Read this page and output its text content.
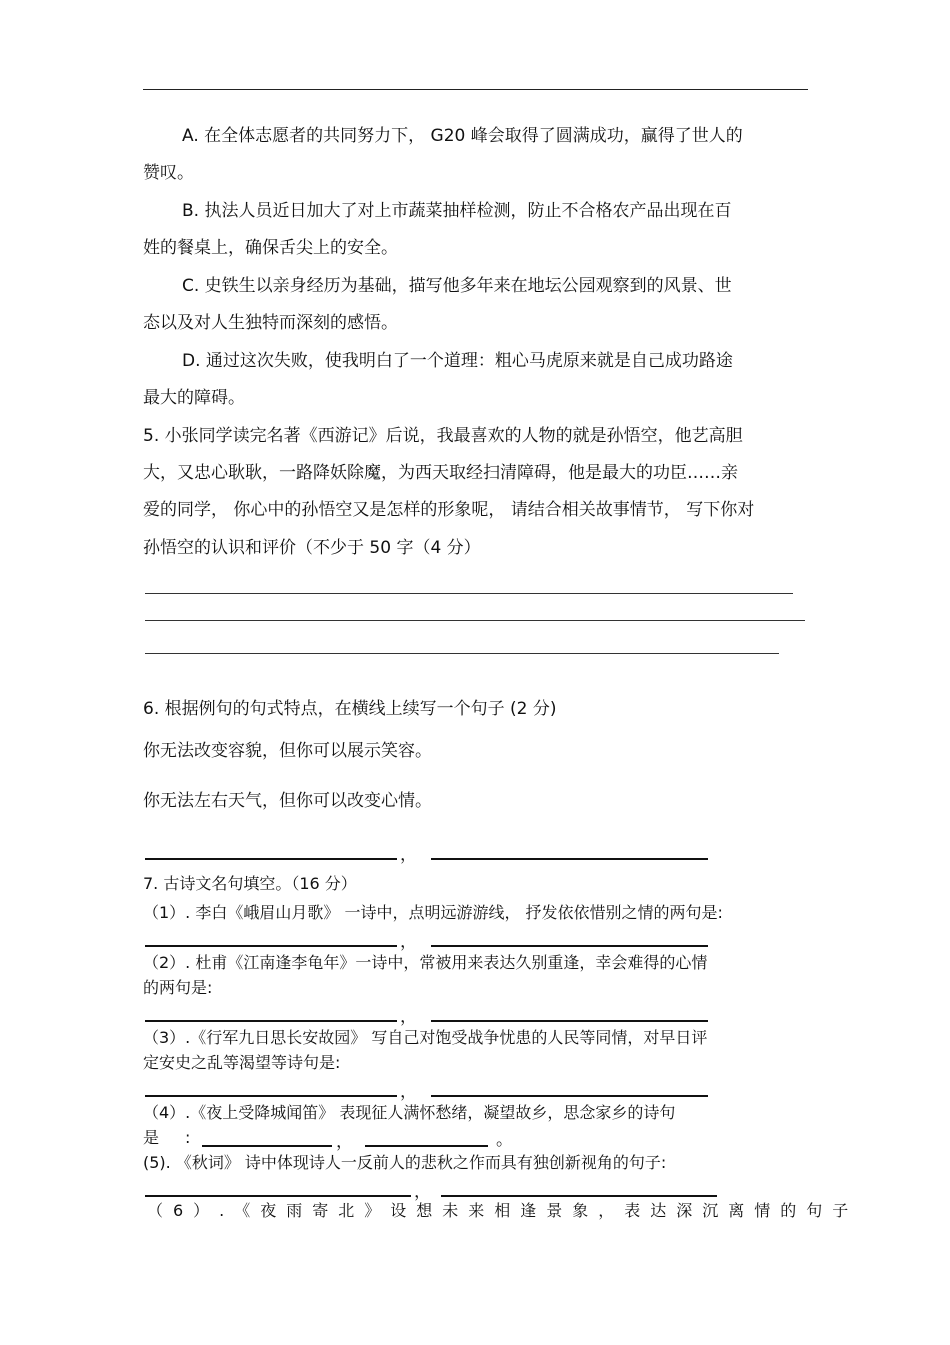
A. 在全体志愿者的共同努力下， G20 峰会取得了圆满成功，赢得了世人的
赞叹。
B. 执法人员近日加大了对上市蔬菜抽样检测，防止不合格农产品出现在百
姓的餐桌上，确保舌尖上的安全。
C. 史铁生以亲身经历为基础，描写他多年来在地坛公园观察到的风景、世
态以及对人生独特而深刻的感悟。
D. 通过这次失败，使我明白了一个道理：粗心马虎原来就是自己成功路途
最大的障碍。
5. 小张同学读完名著《西游记》后说，我最喜欢的人物的就是孙悟空，他艺高胆
大，又忠心耿耿，一路降妖除魔，为西天取经扫清障碍，他是最大的功臣……亲
爱的同学， 你心中的孙悟空又是怎样的形象呢， 请结合相关故事情节， 写下你对
孙悟空的认识和评价（不少于 50 字（4 分）
6. 根据例句的句式特点，在横线上续写一个句子 (2 分)
你无法改变容貌，但你可以展示笑容。
你无法左右天气，但你可以改变心情。
，
7. 古诗文名句填空。（16 分）
（1）. 李白《峨眉山月歌》 一诗中，点明远游游线， 抒发依依惜别之情的两句是:
，
（2）. 杜甫《江南逢李龟年》一诗中，常被用来表达久别重逢，幸会难得的心情
的两句是:
，
（3）.《行军九日思长安故园》 写自己对饱受战争忧患的人民等同情，对早日评
定安史之乱等渴望等诗句是:
，
（4）.《夜上受降城闻笛》 表现征人满怀愁绪，凝望故乡，思念家乡的诗句
是 :	，	。
(5). 《秋词》 诗中体现诗人一反前人的悲秋之作而具有独创新视角的句子:
，
（6）.《夜雨寄北》设想未来相逢景象，表达深沉离情的句子
